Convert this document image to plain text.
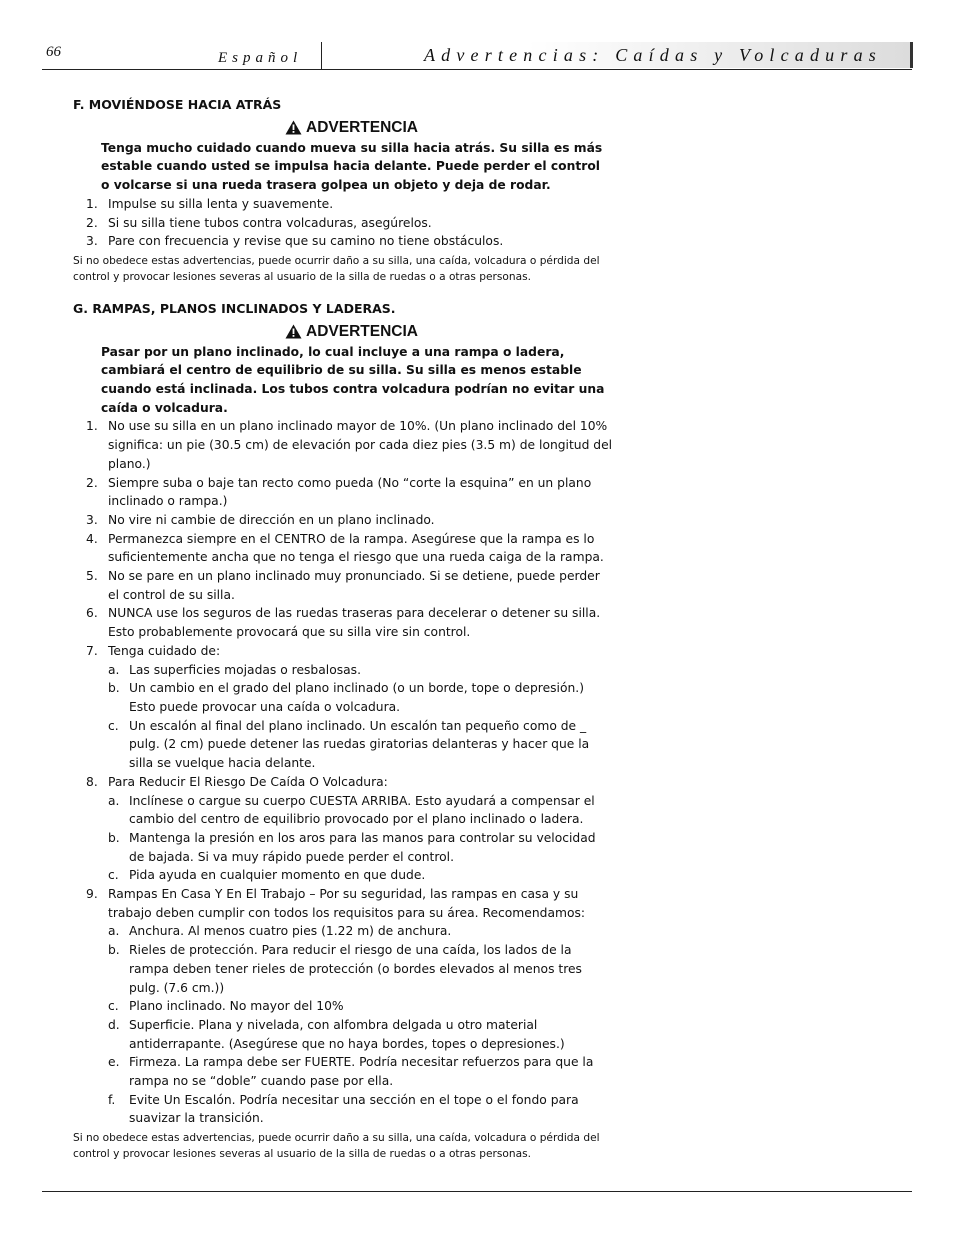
66	Español	Advertencias: Caídas y Volcaduras

F. MOVIÉNDOSE HACIA ATRÁS

ADVERTENCIA
Tenga mucho cuidado cuando mueva su silla hacia atrás. Su silla es más estable cuando usted se impulsa hacia delante. Puede perder el control o volcarse si una rueda trasera golpea un objeto y deja de rodar.
1. Impulse su silla lenta y suavemente.
2. Si su silla tiene tubos contra volcaduras, asegúrelos.
3. Pare con frecuencia y revise que su camino no tiene obstáculos.
Si no obedece estas advertencias, puede ocurrir daño a su silla, una caída, volcadura o pérdida del control y provocar lesiones severas al usuario de la silla de ruedas o a otras personas.

G. RAMPAS, PLANOS INCLINADOS Y LADERAS.

ADVERTENCIA
Pasar por un plano inclinado, lo cual incluye a una rampa o ladera, cambiará el centro de equilibrio de su silla. Su silla es menos estable cuando está inclinada. Los tubos contra volcadura podrían no evitar una caída o volcadura.
1. No use su silla en un plano inclinado mayor de 10%. (Un plano inclinado del 10% significa: un pie (30.5 cm) de elevación por cada diez pies (3.5 m) de longitud del plano.)
2. Siempre suba o baje tan recto como pueda (No “corte la esquina” en un plano inclinado o rampa.)
3. No vire ni cambie de dirección en un plano inclinado.
4. Permanezca siempre en el CENTRO de la rampa. Asegúrese que la rampa es lo suficientemente ancha que no tenga el riesgo que una rueda caiga de la rampa.
5. No se pare en un plano inclinado muy pronunciado. Si se detiene, puede perder el control de su silla.
6. NUNCA use los seguros de las ruedas traseras para decelerar o detener su silla. Esto probablemente provocará que su silla vire sin control.
7. Tenga cuidado de:
a. Las superficies mojadas o resbalosas.
b. Un cambio en el grado del plano inclinado (o un borde, tope o depresión.) Esto puede provocar una caída o volcadura.
c. Un escalón al final del plano inclinado. Un escalón tan pequeño como de _ pulg. (2 cm) puede detener las ruedas giratorias delanteras y hacer que la silla se vuelque hacia delante.
8. Para Reducir El Riesgo De Caída O Volcadura:
a. Inclínese o cargue su cuerpo CUESTA ARRIBA. Esto ayudará a compensar el cambio del centro de equilibrio provocado por el plano inclinado o ladera.
b. Mantenga la presión en los aros para las manos para controlar su velocidad de bajada. Si va muy rápido puede perder el control.
c. Pida ayuda en cualquier momento en que dude.
9. Rampas En Casa Y En El Trabajo – Por su seguridad, las rampas en casa y su trabajo deben cumplir con todos los requisitos para su área. Recomendamos:
a. Anchura. Al menos cuatro pies (1.22 m) de anchura.
b. Rieles de protección. Para reducir el riesgo de una caída, los lados de la rampa deben tener rieles de protección (o bordes elevados al menos tres pulg. (7.6 cm.))
c. Plano inclinado. No mayor del 10%
d. Superficie. Plana y nivelada, con alfombra delgada u otro material antiderrapante. (Asegúrese que no haya bordes, topes o depresiones.)
e. Firmeza. La rampa debe ser FUERTE. Podría necesitar refuerzos para que la rampa no se “doble” cuando pase por ella.
f.	Evite Un Escalón. Podría necesitar una sección en el tope o el fondo para suavizar la transición.
Si no obedece estas advertencias, puede ocurrir daño a su silla, una caída, volcadura o pérdida del control y provocar lesiones severas al usuario de la silla de ruedas o a otras personas.
